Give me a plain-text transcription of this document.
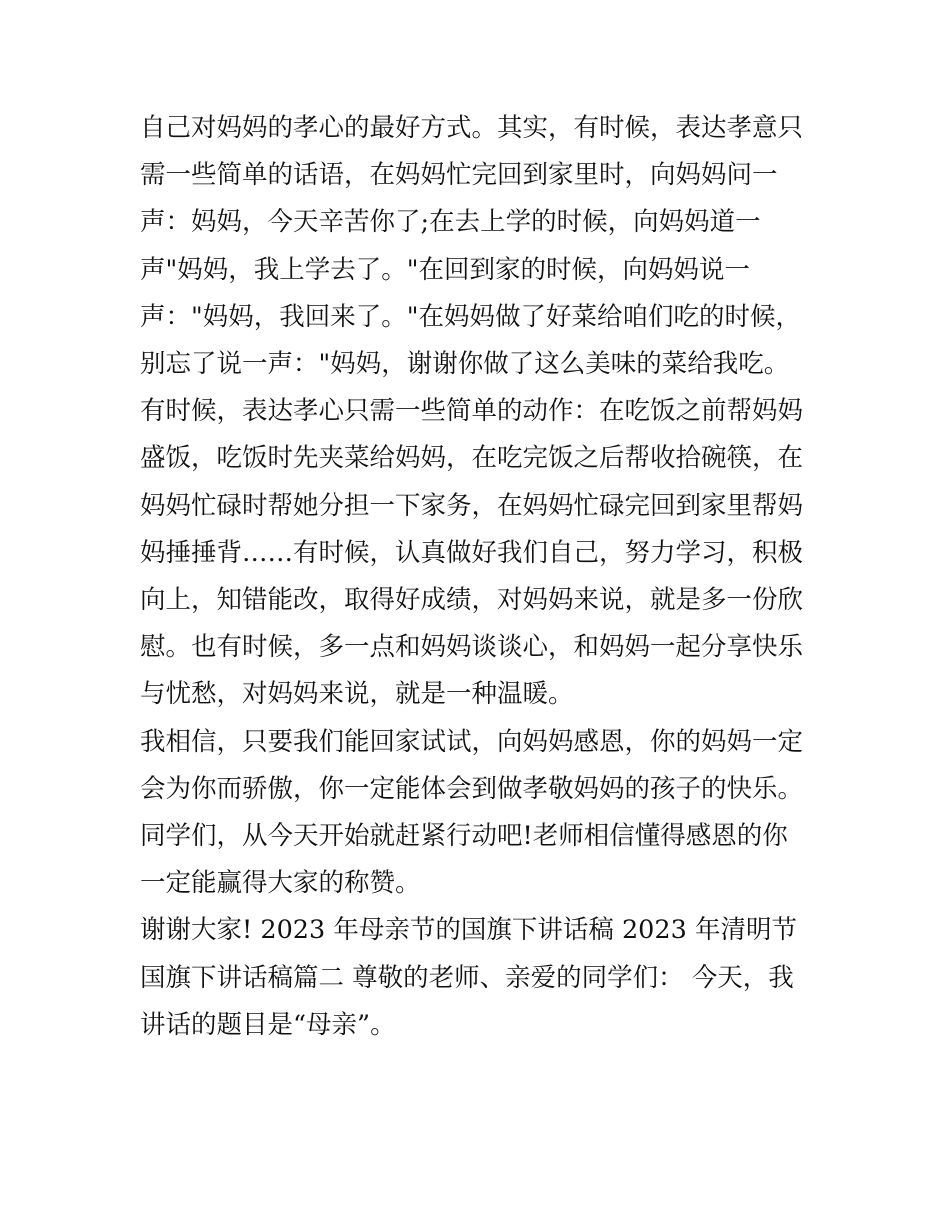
自己对妈妈的孝心的最好方式。其实，有时候，表达孝意只需一些简单的话语，在妈妈忙完回到家里时，向妈妈问一声：妈妈，今天辛苦你了;在去上学的时候，向妈妈道一声"妈妈，我上学去了。"在回到家的时候，向妈妈说一声："妈妈，我回来了。"在妈妈做了好菜给咱们吃的时候，别忘了说一声："妈妈，谢谢你做了这么美味的菜给我吃。有时候，表达孝心只需一些简单的动作：在吃饭之前帮妈妈盛饭，吃饭时先夹菜给妈妈，在吃完饭之后帮收拾碗筷，在妈妈忙碌时帮她分担一下家务，在妈妈忙碌完回到家里帮妈妈捶捶背……有时候，认真做好我们自己，努力学习，积极向上，知错能改，取得好成绩，对妈妈来说，就是多一份欣慰。也有时候，多一点和妈妈谈谈心，和妈妈一起分享快乐与忧愁，对妈妈来说，就是一种温暖。

我相信，只要我们能回家试试，向妈妈感恩，你的妈妈一定会为你而骄傲，你一定能体会到做孝敬妈妈的孩子的快乐。同学们，从今天开始就赶紧行动吧!老师相信懂得感恩的你一定能赢得大家的称赞。

谢谢大家! 2023 年母亲节的国旗下讲话稿 2023 年清明节国旗下讲话稿篇二 尊敬的老师、亲爱的同学们： 今天，我讲话的题目是“母亲”。
